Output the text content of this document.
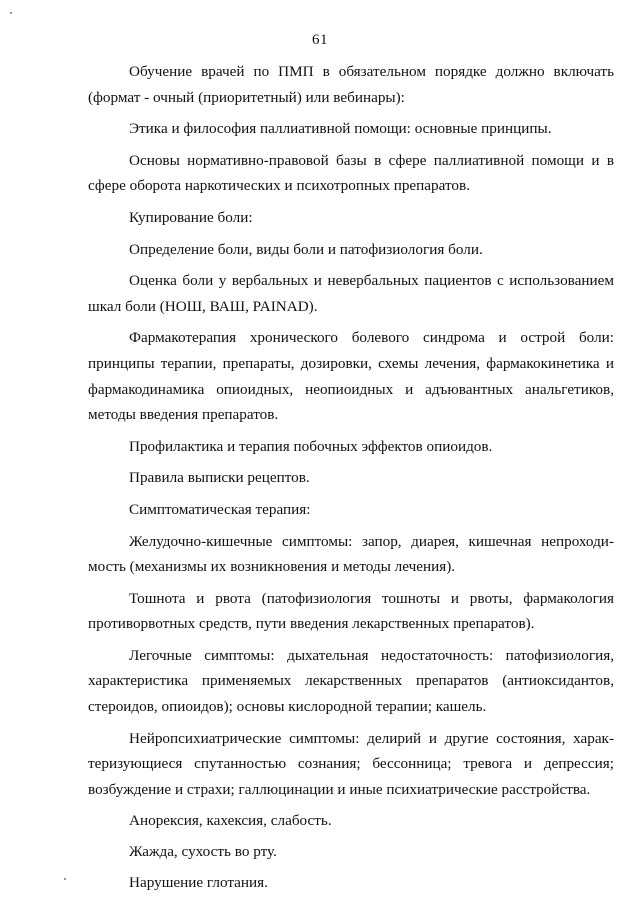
61

Обучение врачей по ПМП в обязательном порядке должно включать (формат - очный (приоритетный) или вебинары):

Этика и философия паллиативной помощи: основные принципы.

Основы нормативно-правовой базы в сфере паллиативной помощи и в сфере оборота наркотических и психотропных препаратов.

Купирование боли:

Определение боли, виды боли и патофизиология боли.

Оценка боли у вербальных и невербальных пациентов с использованием шкал боли (НОШ, ВАШ, PAINAD).

Фармакотерапия хронического болевого синдрома и острой боли: принципы терапии, препараты, дозировки, схемы лечения, фармакокинетика и фармакодинамика опиоидных, неопиоидных и адъювантных анальгетиков, методы введения препаратов.

Профилактика и терапия побочных эффектов опиоидов.

Правила выписки рецептов.

Симптоматическая терапия:

Желудочно-кишечные симптомы: запор, диарея, кишечная непроходимость (механизмы их возникновения и методы лечения).

Тошнота и рвота (патофизиология тошноты и рвоты, фармакология противорвотных средств, пути введения лекарственных препаратов).

Легочные симптомы: дыхательная недостаточность: патофизиология, характеристика применяемых лекарственных препаратов (антиоксидантов, стероидов, опиоидов); основы кислородной терапии; кашель.

Нейропсихиатрические симптомы: делирий и другие состояния, характеризующиеся спутанностью сознания; бессонница; тревога и депрессия; возбуждение и страхи; галлюцинации и иные психиатрические расстройства.

Анорексия, кахексия, слабость.

Жажда, сухость во рту.

Нарушение глотания.
